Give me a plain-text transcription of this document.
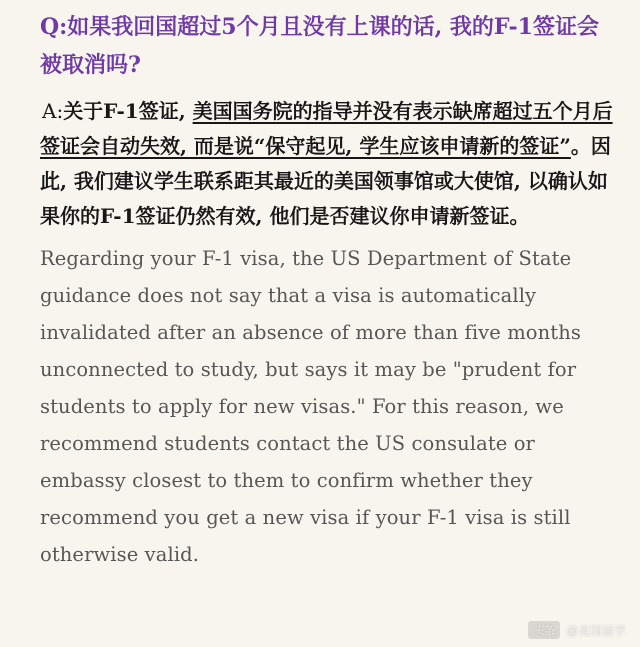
Q:如果我回国超过5个月且没有上课的话, 我的F-1签证会被取消吗?

A:关于F-1签证, 美国国务院的指导并没有表示缺席超过五个月后签证会自动失效, 而是说“保守起见, 学生应该申请新的签证”。因此, 我们建议学生联系距其最近的美国领事馆或大使馆, 以确认如果你的F-1签证仍然有效, 他们是否建议你申请新签证。

Regarding your F-1 visa, the US Department of State guidance does not say that a visa is automatically invalidated after an absence of more than five months unconnected to study, but says it may be "prudent for students to apply for new visas." For this reason, we recommend students contact the US consulate or embassy closest to them to confirm whether they recommend you get a new visa if your F-1 visa is still otherwise valid.

头条 @美国留学
